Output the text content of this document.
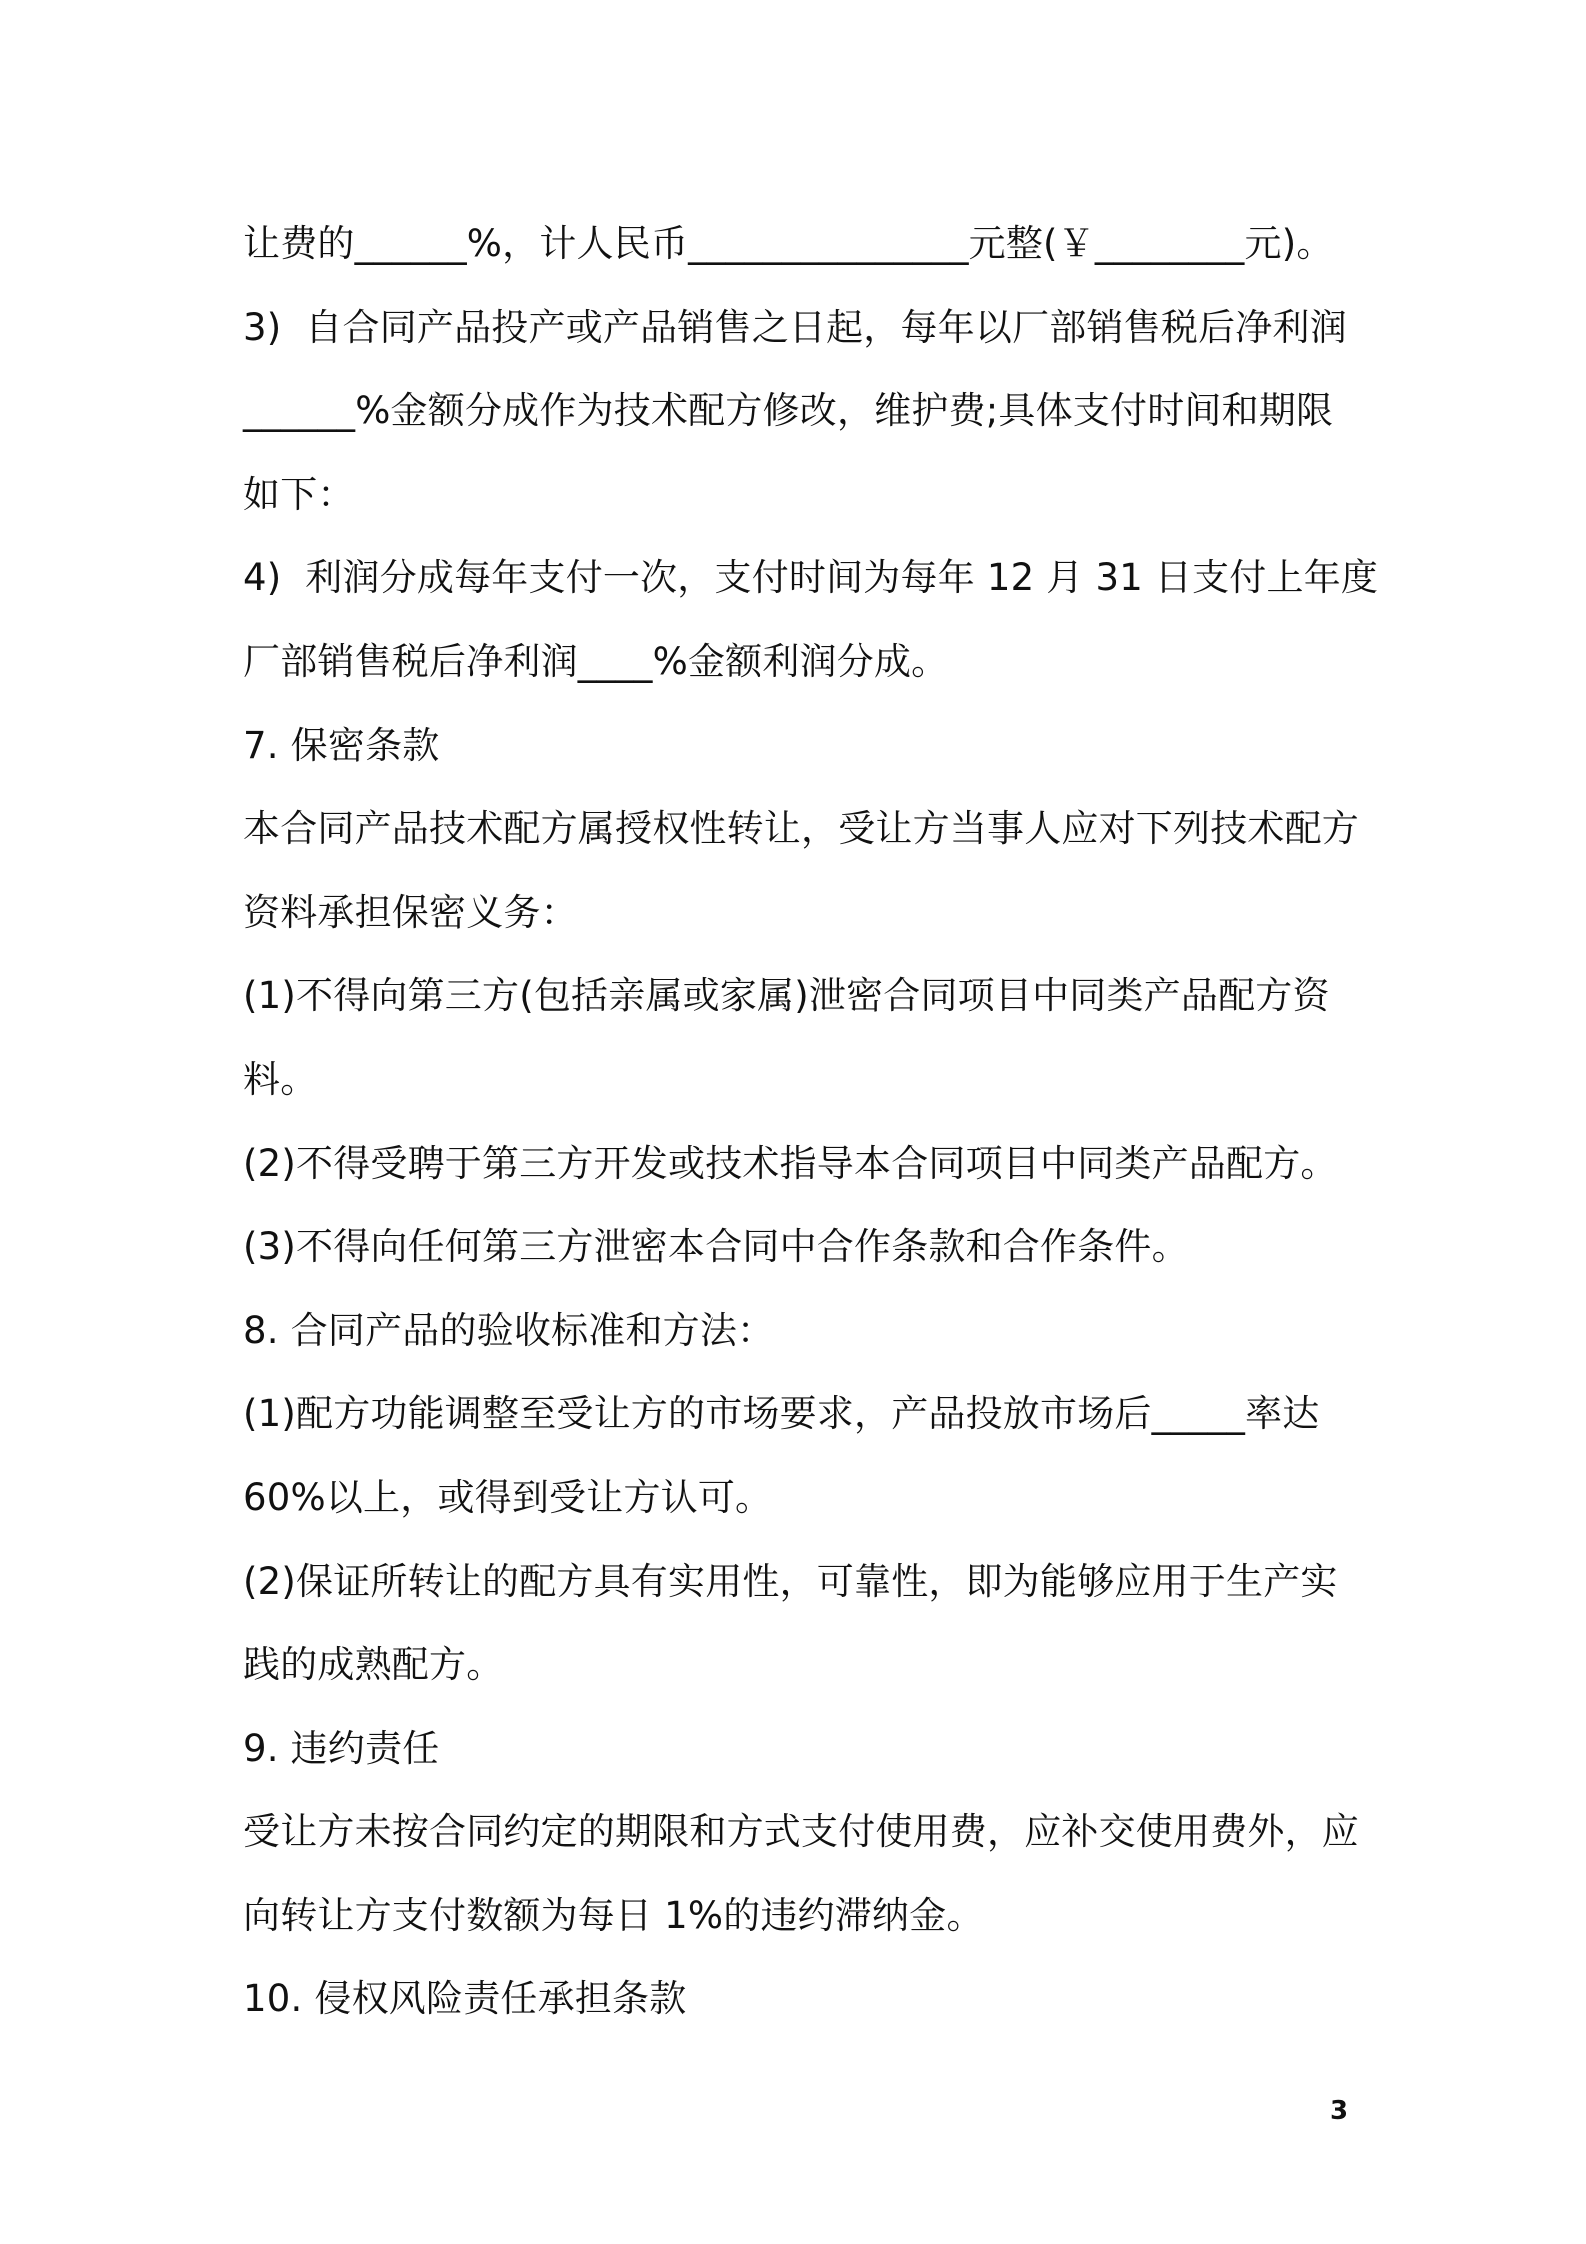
让费的______%，计人民币_______________元整(￥________元)。
3)  自合同产品投产或产品销售之日起，每年以厂部销售税后净利润
______%金额分成作为技术配方修改，维护费;具体支付时间和期限
如下：
4)  利润分成每年支付一次，支付时间为每年 12 月 31 日支付上年度
厂部销售税后净利润____%金额利润分成。
7. 保密条款
本合同产品技术配方属授权性转让，受让方当事人应对下列技术配方
资料承担保密义务：
(1)不得向第三方(包括亲属或家属)泄密合同项目中同类产品配方资
料。
(2)不得受聘于第三方开发或技术指导本合同项目中同类产品配方。
(3)不得向任何第三方泄密本合同中合作条款和合作条件。
8. 合同产品的验收标准和方法：
(1)配方功能调整至受让方的市场要求，产品投放市场后_____率达
60%以上，或得到受让方认可。
(2)保证所转让的配方具有实用性，可靠性，即为能够应用于生产实
践的成熟配方。
9. 违约责任
受让方未按合同约定的期限和方式支付使用费，应补交使用费外，应
向转让方支付数额为每日 1%的违约滞纳金。
10. 侵权风险责任承担条款
3
